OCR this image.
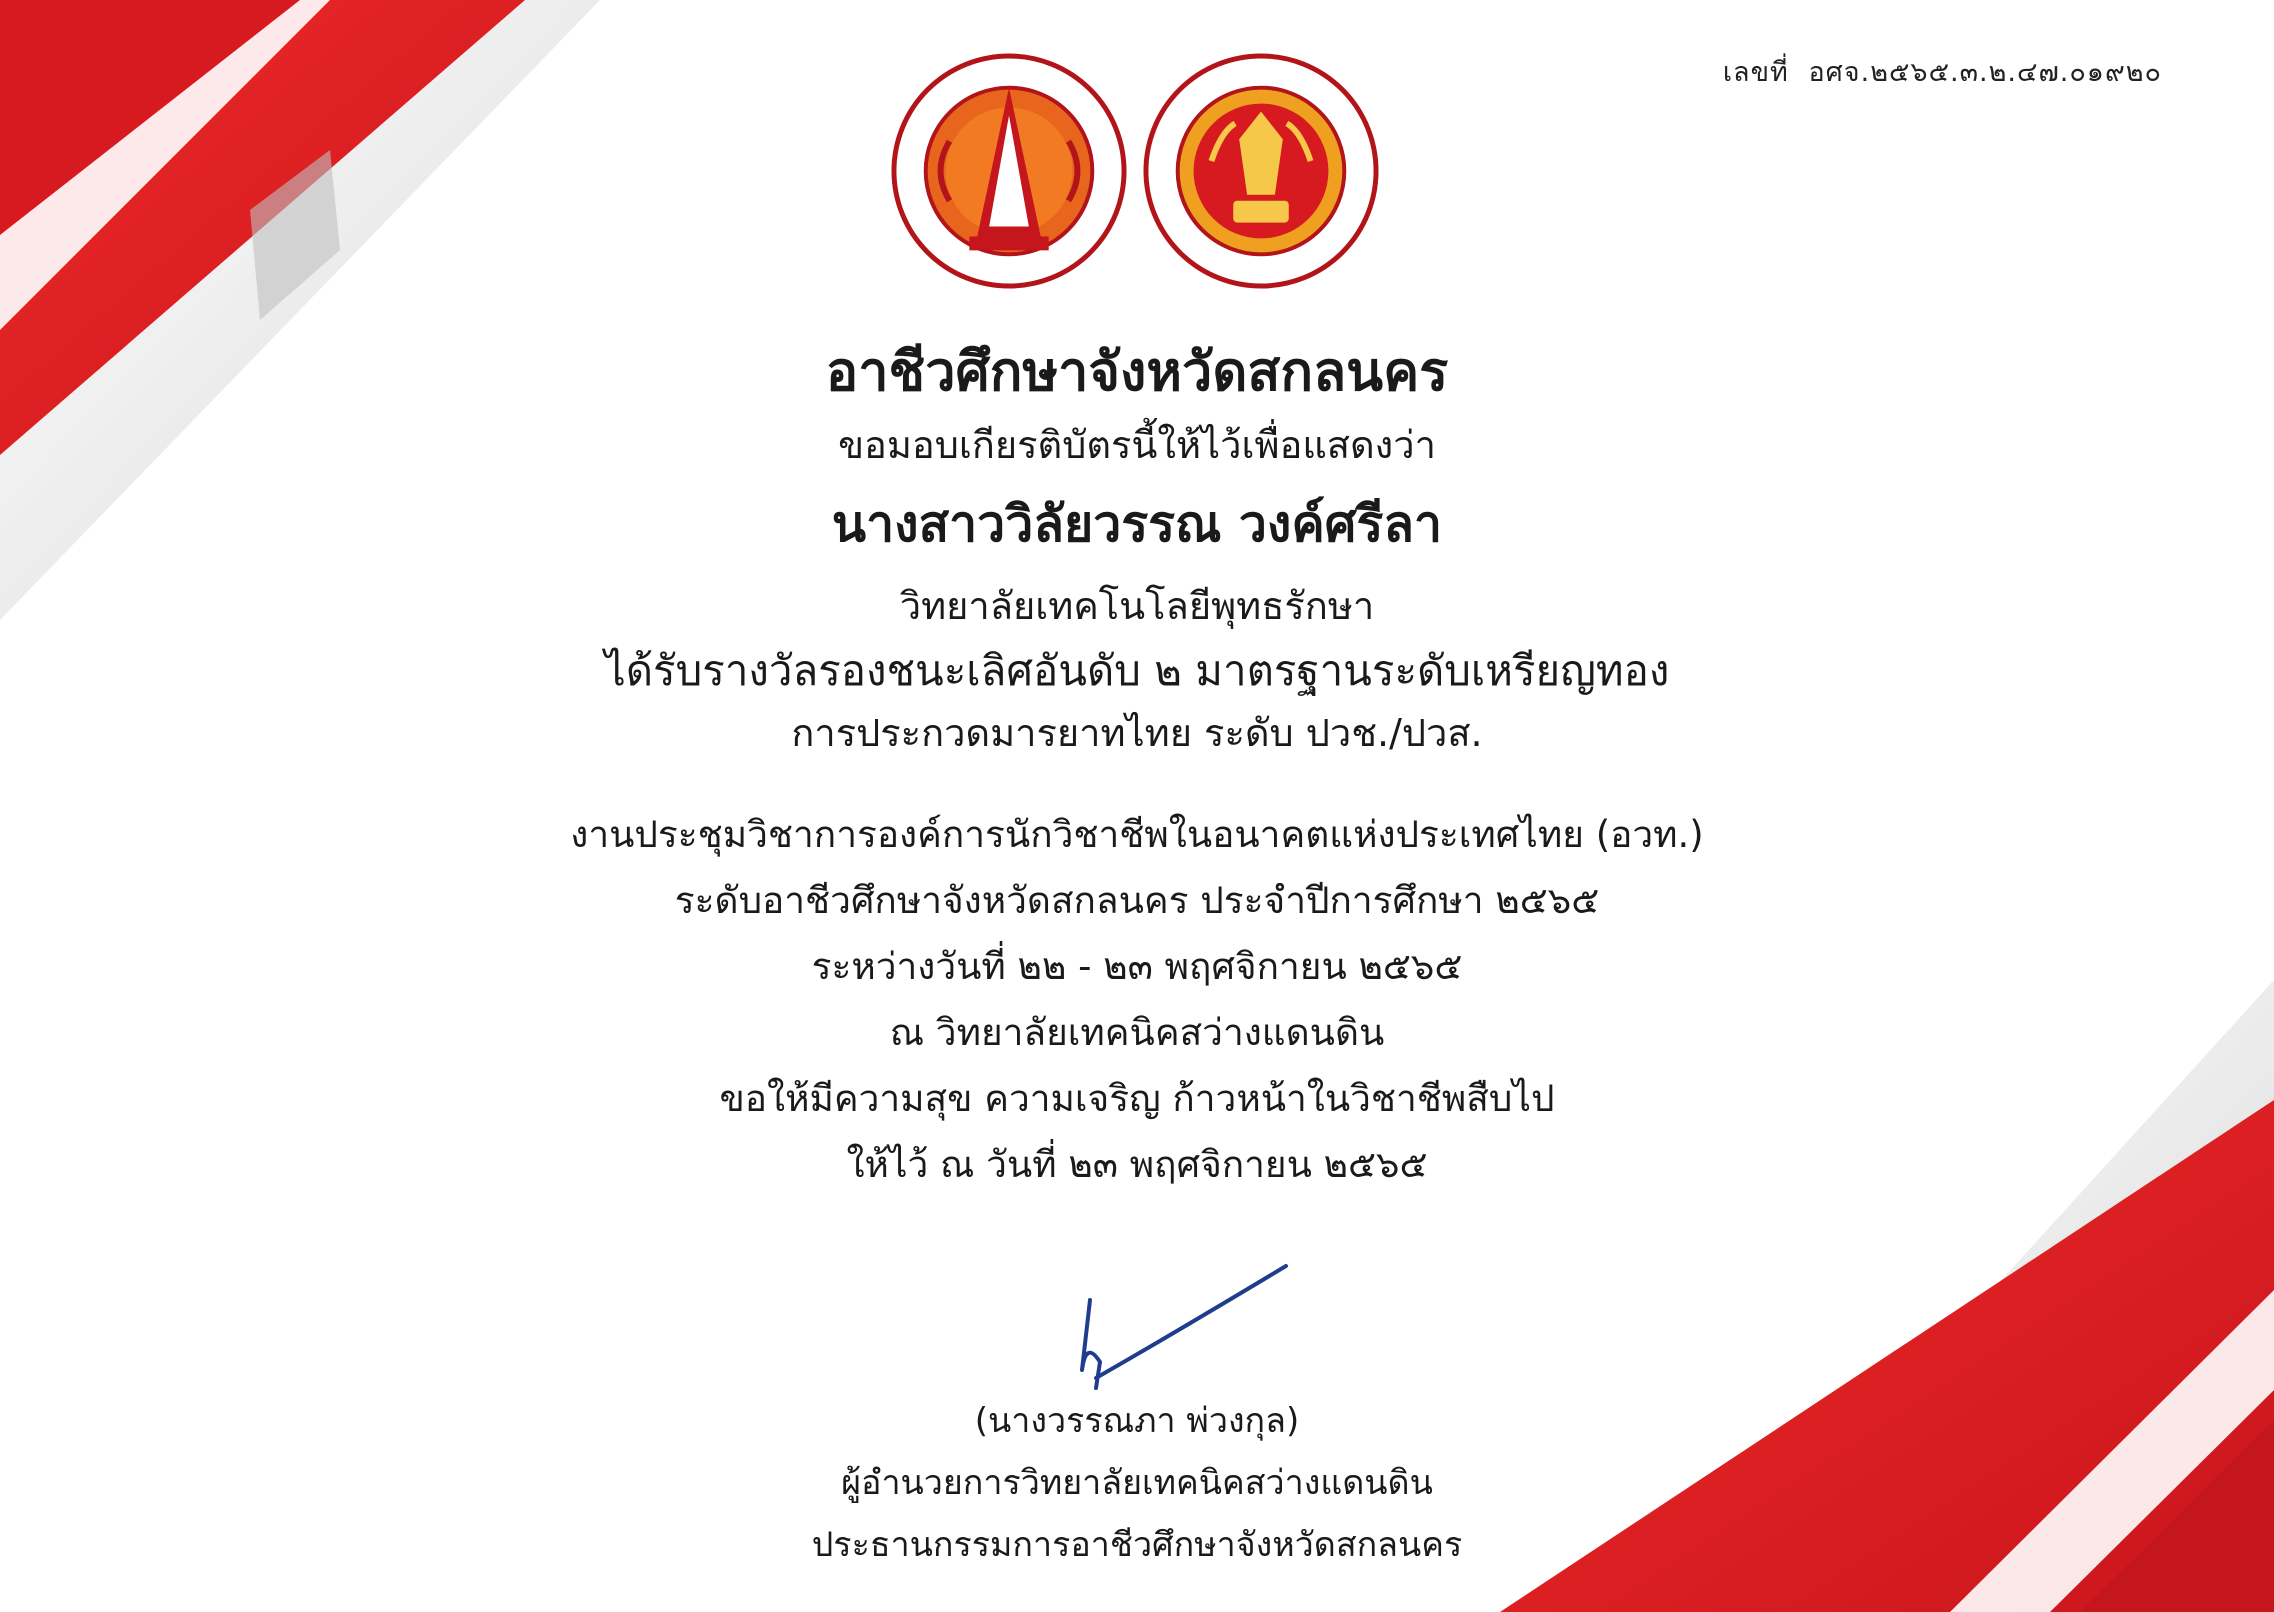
เลขที่ อศจ.๒๕๖๕.๓.๒.๔๗.๐๑๙๒๐
อาชีวศึกษาจังหวัดสกลนคร
ขอมอบเกียรติบัตรนี้ให้ไว้เพื่อแสดงว่า
นางสาววิลัยวรรณ วงค์ศรีลา
วิทยาลัยเทคโนโลยีพุทธรักษา
ได้รับรางวัลรองชนะเลิศอันดับ ๒ มาตรฐานระดับเหรียญทอง
การประกวดมารยาทไทย ระดับ ปวช./ปวส.
งานประชุมวิชาการองค์การนักวิชาชีพในอนาคตแห่งประเทศไทย (อวท.)
ระดับอาชีวศึกษาจังหวัดสกลนคร ประจำปีการศึกษา ๒๕๖๕
ระหว่างวันที่ ๒๒ - ๒๓ พฤศจิกายน ๒๕๖๕
ณ วิทยาลัยเทคนิคสว่างแดนดิน
ขอให้มีความสุข ความเจริญ ก้าวหน้าในวิชาชีพสืบไป
ให้ไว้ ณ วันที่ ๒๓ พฤศจิกายน ๒๕๖๕
(นางวรรณภา พ่วงกุล)
ผู้อำนวยการวิทยาลัยเทคนิคสว่างแดนดิน
ประธานกรรมการอาชีวศึกษาจังหวัดสกลนคร
